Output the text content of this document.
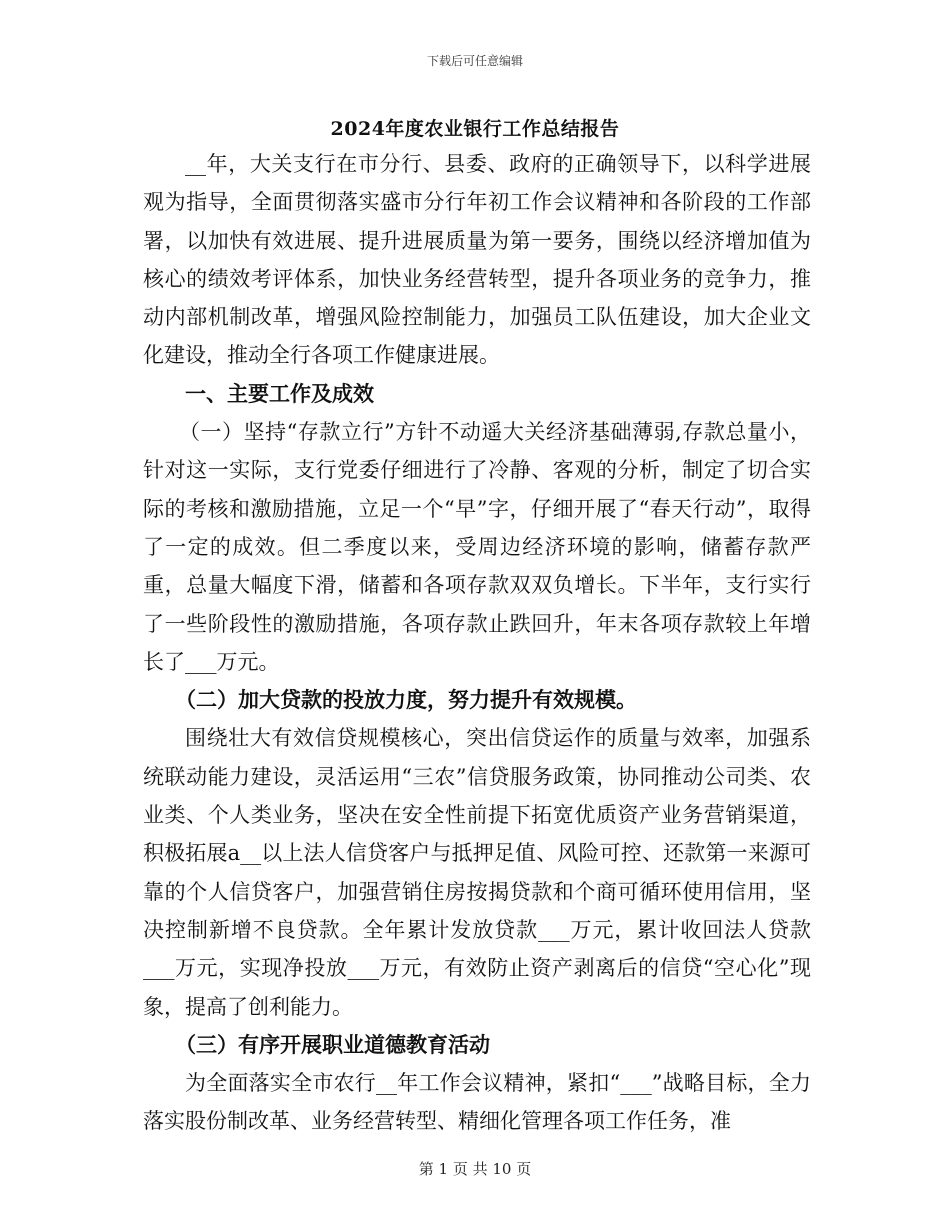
下载后可任意编辑
2024年度农业银行工作总结报告

__年，大关支行在市分行、县委、政府的正确领导下，以科学进展观为指导，全面贯彻落实盛市分行年初工作会议精神和各阶段的工作部署，以加快有效进展、提升进展质量为第一要务，围绕以经济增加值为核心的绩效考评体系，加快业务经营转型，提升各项业务的竞争力，推动内部机制改革，增强风险控制能力，加强员工队伍建设，加大企业文化建设，推动全行各项工作健康进展。

一、主要工作及成效

（一）坚持“存款立行”方针不动遥大关经济基础薄弱,存款总量小，针对这一实际，支行党委仔细进行了冷静、客观的分析，制定了切合实际的考核和激励措施，立足一个“早”字，仔细开展了“春天行动”，取得了一定的成效。但二季度以来，受周边经济环境的影响，储蓄存款严重，总量大幅度下滑，储蓄和各项存款双双负增长。下半年，支行实行了一些阶段性的激励措施，各项存款止跌回升，年末各项存款较上年增长了___万元。

（二）加大贷款的投放力度，努力提升有效规模。

围绕壮大有效信贷规模核心，突出信贷运作的质量与效率，加强系统联动能力建设，灵活运用“三农”信贷服务政策，协同推动公司类、农业类、个人类业务，坚决在安全性前提下拓宽优质资产业务营销渠道，积极拓展a__以上法人信贷客户与抵押足值、风险可控、还款第一来源可靠的个人信贷客户，加强营销住房按揭贷款和个商可循环使用信用，坚决控制新增不良贷款。全年累计发放贷款___万元，累计收回法人贷款___万元，实现净投放___万元，有效防止资产剥离后的信贷“空心化”现象，提高了创利能力。

（三）有序开展职业道德教育活动

为全面落实全市农行__年工作会议精神，紧扣“___”战略目标，全力落实股份制改革、业务经营转型、精细化管理各项工作任务，准

第 1 页 共 10 页
